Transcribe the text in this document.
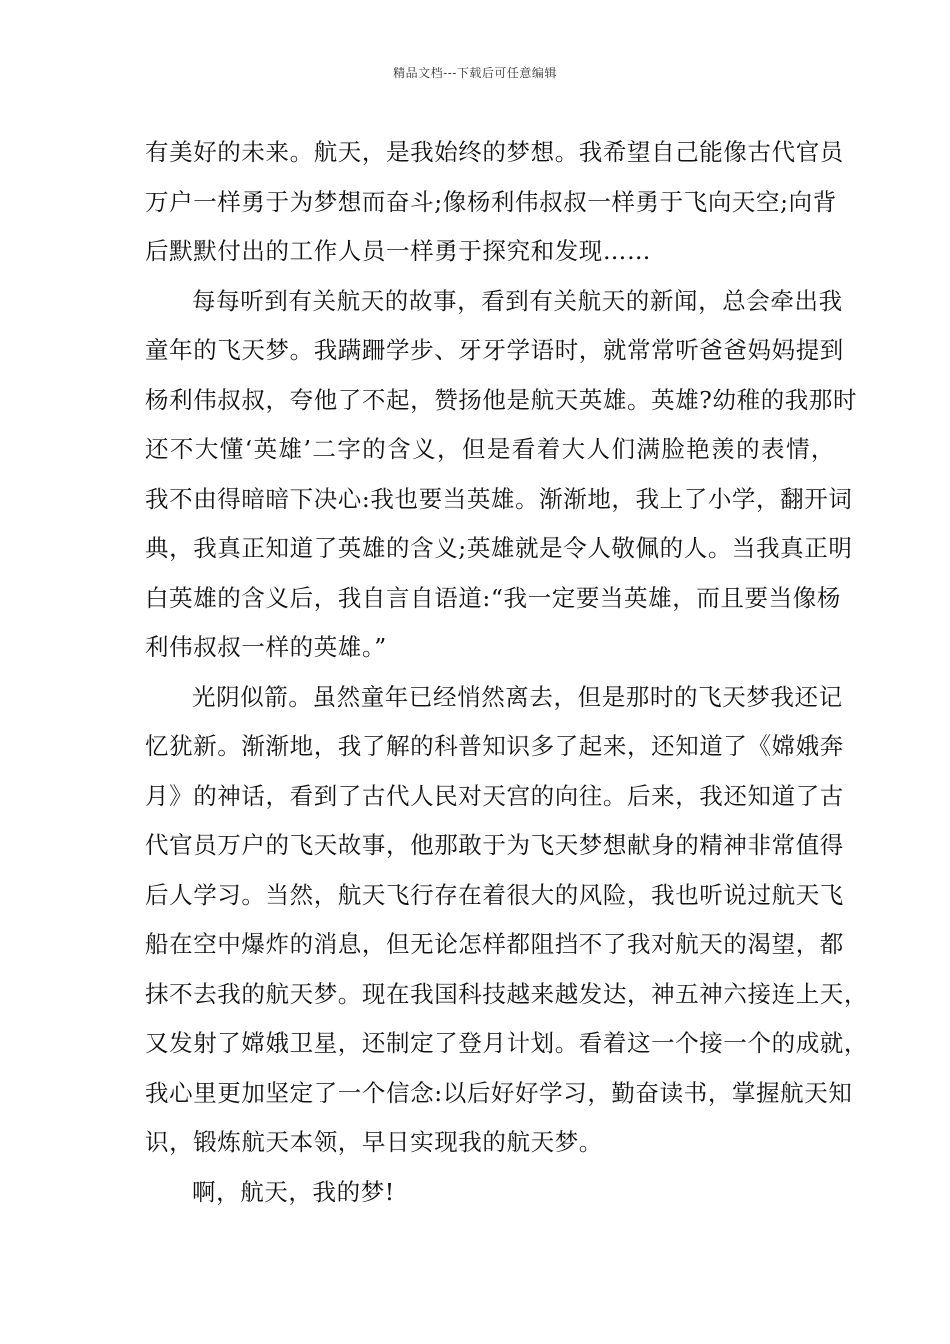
精品文档---下载后可任意编辑
有美好的未来。航天，是我始终的梦想。我希望自己能像古代官员
万户一样勇于为梦想而奋斗;像杨利伟叔叔一样勇于飞向天空;向背
后默默付出的工作人员一样勇于探究和发现……
每每听到有关航天的故事，看到有关航天的新闻，总会牵出我
童年的飞天梦。我蹒跚学步、牙牙学语时，就常常听爸爸妈妈提到
杨利伟叔叔，夸他了不起，赞扬他是航天英雄。英雄?幼稚的我那时
还不大懂‘英雄’二字的含义，但是看着大人们满脸艳羡的表情，
我不由得暗暗下决心:我也要当英雄。渐渐地，我上了小学，翻开词
典，我真正知道了英雄的含义;英雄就是令人敬佩的人。当我真正明
白英雄的含义后，我自言自语道:“我一定要当英雄，而且要当像杨
利伟叔叔一样的英雄。”
光阴似箭。虽然童年已经悄然离去，但是那时的飞天梦我还记
忆犹新。渐渐地，我了解的科普知识多了起来，还知道了《嫦娥奔
月》的神话，看到了古代人民对天宫的向往。后来，我还知道了古
代官员万户的飞天故事，他那敢于为飞天梦想献身的精神非常值得
后人学习。当然，航天飞行存在着很大的风险，我也听说过航天飞
船在空中爆炸的消息，但无论怎样都阻挡不了我对航天的渴望，都
抹不去我的航天梦。现在我国科技越来越发达，神五神六接连上天，
又发射了嫦娥卫星，还制定了登月计划。看着这一个接一个的成就，
我心里更加坚定了一个信念:以后好好学习，勤奋读书，掌握航天知
识，锻炼航天本领，早日实现我的航天梦。
啊，航天，我的梦!
